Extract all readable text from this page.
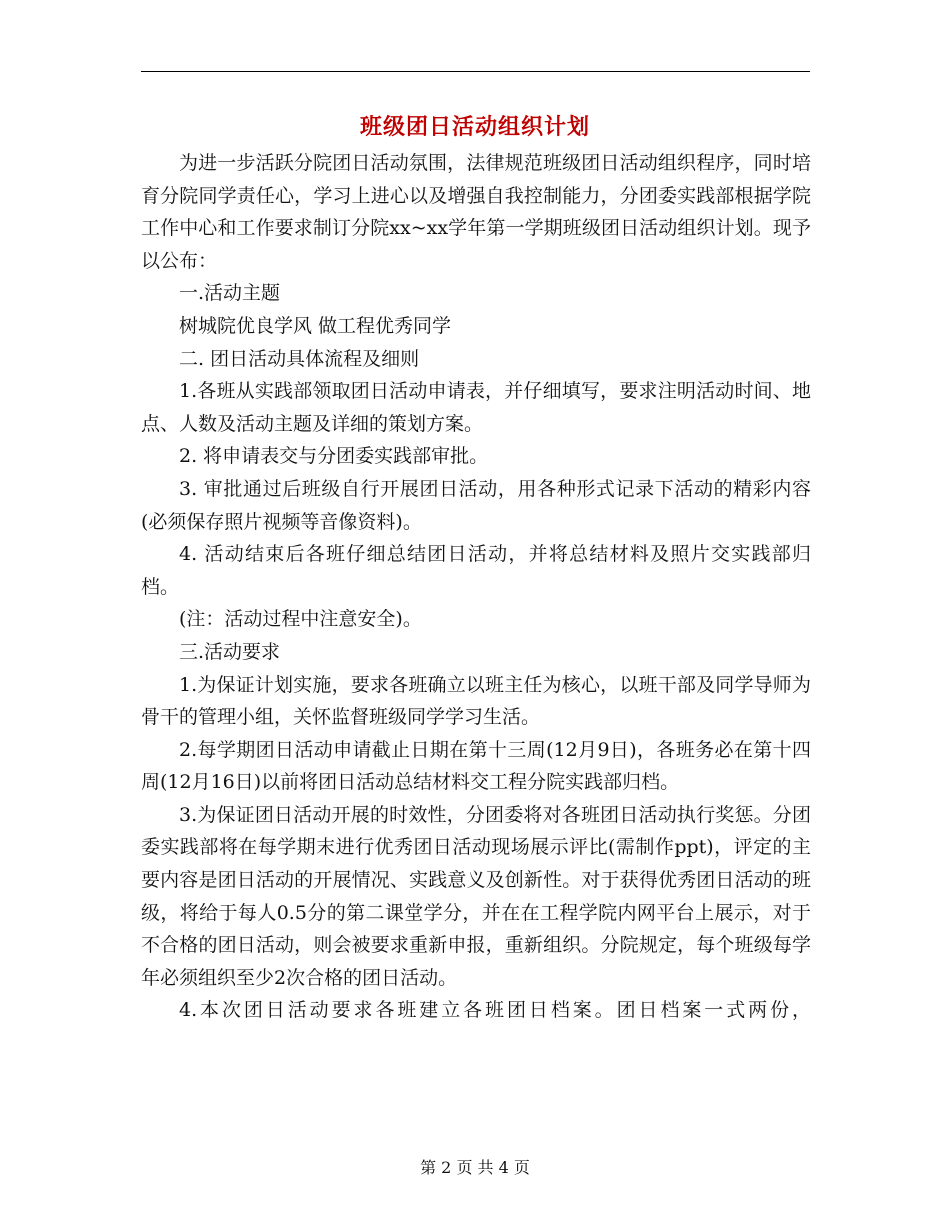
班级团日活动组织计划

为进一步活跃分院团日活动氛围，法律规范班级团日活动组织程序，同时培育分院同学责任心，学习上进心以及增强自我控制能力，分团委实践部根据学院工作中心和工作要求制订分院xx~xx学年第一学期班级团日活动组织计划。现予以公布：

一.活动主题

树城院优良学风 做工程优秀同学

二. 团日活动具体流程及细则

1.各班从实践部领取团日活动申请表，并仔细填写，要求注明活动时间、地点、人数及活动主题及详细的策划方案。

2. 将申请表交与分团委实践部审批。

3. 审批通过后班级自行开展团日活动，用各种形式记录下活动的精彩内容(必须保存照片视频等音像资料)。

4. 活动结束后各班仔细总结团日活动，并将总结材料及照片交实践部归档。

(注：活动过程中注意安全)。

三.活动要求

1.为保证计划实施，要求各班确立以班主任为核心，以班干部及同学导师为骨干的管理小组，关怀监督班级同学学习生活。

2.每学期团日活动申请截止日期在第十三周(12月9日)，各班务必在第十四周(12月16日)以前将团日活动总结材料交工程分院实践部归档。

3.为保证团日活动开展的时效性，分团委将对各班团日活动执行奖惩。分团委实践部将在每学期末进行优秀团日活动现场展示评比(需制作ppt)，评定的主要内容是团日活动的开展情况、实践意义及创新性。对于获得优秀团日活动的班级，将给于每人0.5分的第二课堂学分，并在在工程学院内网平台上展示，对于不合格的团日活动，则会被要求重新申报，重新组织。分院规定，每个班级每学年必须组织至少2次合格的团日活动。

4.本次团日活动要求各班建立各班团日档案。团日档案一式两份，

第 2 页 共 4 页
